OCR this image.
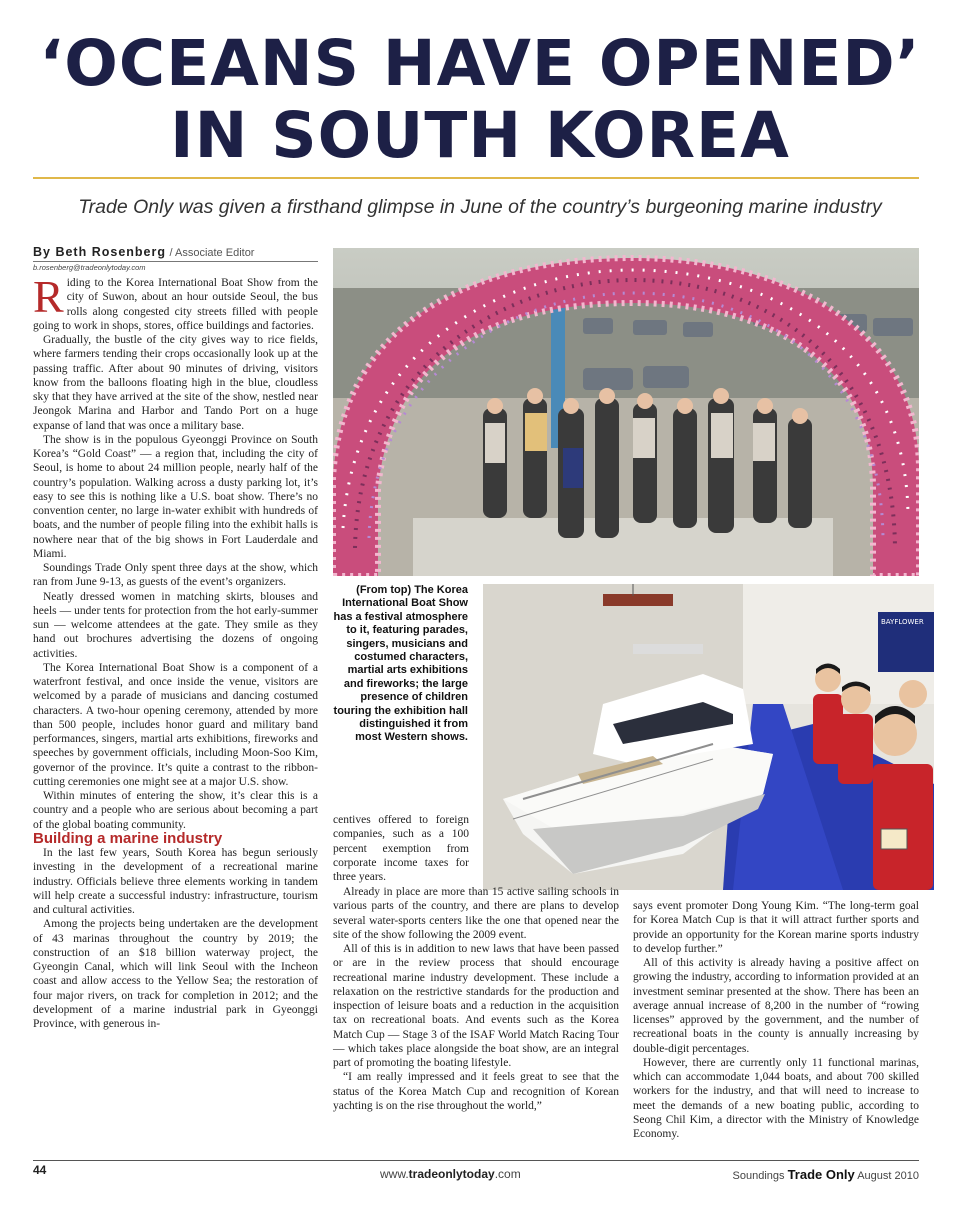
‘OCEANS HAVE OPENED’
IN SOUTH KOREA
Trade Only was given a firsthand glimpse in June of the country’s burgeoning marine industry
By Beth Rosenberg / Associate Editor
b.rosenberg@tradeonlytoday.com

Riding to the Korea International Boat Show from the city of Suwon, about an hour outside Seoul, the bus rolls along congested city streets filled with people going to work in shops, stores, office buildings and factories.

Gradually, the bustle of the city gives way to rice fields, where farmers tending their crops occasionally look up at the passing traffic. After about 90 minutes of driving, visitors know from the balloons floating high in the blue, cloudless sky that they have arrived at the site of the show, nestled near Jeongok Marina and Harbor and Tando Port on a huge expanse of land that was once a military base.

The show is in the populous Gyeonggi Province on South Korea’s “Gold Coast” — a region that, including the city of Seoul, is home to about 24 million people, nearly half of the country’s population. Walking across a dusty parking lot, it’s easy to see this is nothing like a U.S. boat show. There’s no convention center, no large in-water exhibit with hundreds of boats, and the number of people filing into the exhibit halls is nowhere near that of the big shows in Fort Lauderdale and Miami.

Soundings Trade Only spent three days at the show, which ran from June 9-13, as guests of the event’s organizers.

Neatly dressed women in matching skirts, blouses and heels — under tents for protection from the hot early-summer sun — welcome attendees at the gate. They smile as they hand out brochures advertising the dozens of ongoing activities.

The Korea International Boat Show is a component of a waterfront festival, and once inside the venue, visitors are welcomed by a parade of musicians and dancing costumed characters. A two-hour opening ceremony, attended by more than 500 people, includes honor guard and military band performances, singers, martial arts exhibitions, fireworks and speeches by government officials, including Moon-Soo Kim, governor of the province. It’s quite a contrast to the ribbon-cutting ceremonies one might see at a major U.S. show.

Within minutes of entering the show, it’s clear this is a country and a people who are serious about becoming a part of the global boating community.

Building a marine industry

In the last few years, South Korea has begun seriously investing in the development of a recreational marine industry. Officials believe three elements working in tandem will help create a successful industry: infrastructure, tourism and cultural activities.

Among the projects being undertaken are the development of 43 marinas throughout the country by 2019; the construction of an $18 billion waterway project, the Gyeongin Canal, which will link Seoul with the Incheon coast and allow access to the Yellow Sea; the restoration of four major rivers, on track for completion in 2012; and the development of a marine industrial park in Gyeonggi Province, with generous in-

(From top) The Korea International Boat Show has a festival atmosphere to it, featuring parades, singers, musicians and costumed characters, martial arts exhibitions and fireworks; the large presence of children touring the exhibition hall distinguished it from most Western shows.
BAYFLOWER

centives offered to foreign companies, such as a 100 percent exemption from corporate income taxes for three years.

Already in place are more than 15 active sailing schools in various parts of the country, and there are plans to develop several water-sports centers like the one that opened near the site of the show following the 2009 event.

All of this is in addition to new laws that have been passed or are in the review process that should encourage recreational marine industry development. These include a relaxation on the restrictive standards for the production and inspection of leisure boats and a reduction in the acquisition tax on recreational boats. And events such as the Korea Match Cup — Stage 3 of the ISAF World Match Racing Tour — which takes place alongside the boat show, are an integral part of promoting the boating lifestyle.

“I am really impressed and it feels great to see that the status of the Korea Match Cup and recognition of Korean yachting is on the rise throughout the world,”

says event promoter Dong Young Kim. “The long-term goal for Korea Match Cup is that it will attract further sports and provide an opportunity for the Korean marine sports industry to develop further.”

All of this activity is already having a positive affect on growing the industry, according to information provided at an investment seminar presented at the show. There has been an average annual increase of 8,200 in the number of “rowing licenses” approved by the government, and the number of recreational boats in the county is annually increasing by double-digit percentages.

However, there are currently only 11 functional marinas, which can accommodate 1,044 boats, and about 700 skilled workers for the industry, and that will need to increase to meet the demands of a new boating public, according to Seong Chil Kim, a director with the Ministry of Knowledge Economy.

44	www.tradeonlytoday.com	Soundings Trade Only August 2010
